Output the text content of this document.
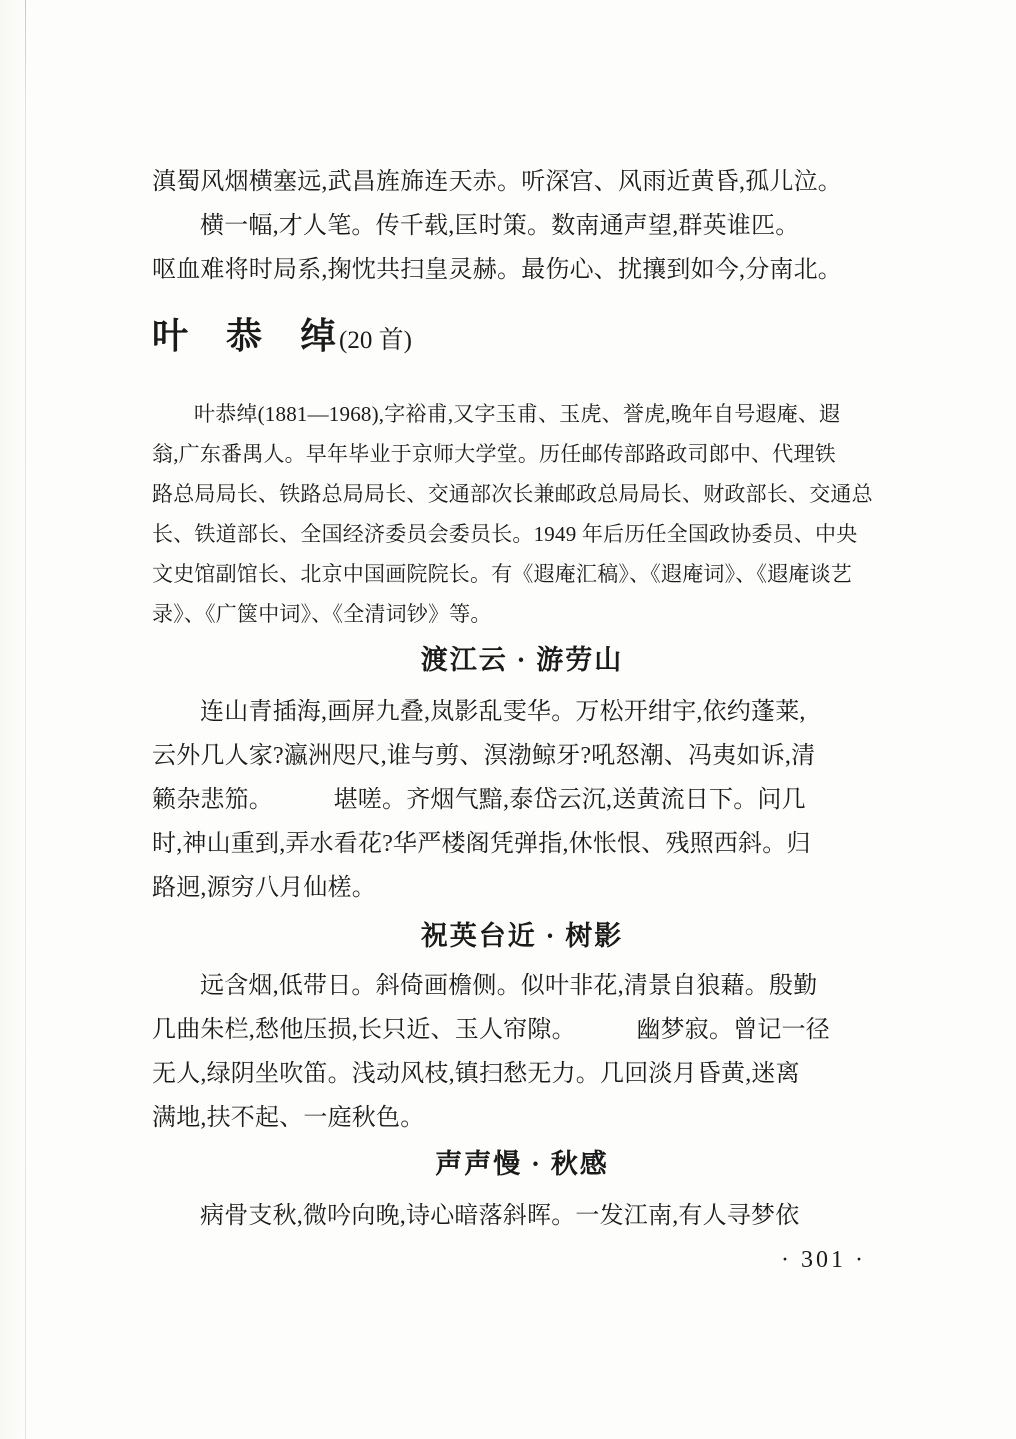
滇蜀风烟横塞远,武昌旌旆连天赤。听深宫、风雨近黄昏,孤儿泣。
横一幅,才人笔。传千载,匡时策。数南通声望,群英谁匹。
呕血难将时局系,掬忱共扫皇灵赫。最伤心、扰攘到如今,分南北。
叶　恭　绰(20 首)
叶恭绰(1881—1968),字裕甫,又字玉甫、玉虎、誉虎,晚年自号遐庵、遐
翁,广东番禺人。早年毕业于京师大学堂。历任邮传部路政司郎中、代理铁
路总局局长、铁路总局局长、交通部次长兼邮政总局局长、财政部长、交通总
长、铁道部长、全国经济委员会委员长。1949 年后历任全国政协委员、中央
文史馆副馆长、北京中国画院院长。有《遐庵汇稿》、《遐庵词》、《遐庵谈艺
录》、《广箧中词》、《全清词钞》等。
渡江云 · 游劳山
连山青插海,画屏九叠,岚影乱雯华。万松开绀宇,依约蓬莱,
云外几人家?瀛洲咫尺,谁与剪、溟渤鲸牙?吼怒潮、冯夷如诉,清
籁杂悲笳。　　　堪嗟。齐烟气黯,泰岱云沉,送黄流日下。问几
时,神山重到,弄水看花?华严楼阁凭弹指,休怅恨、残照西斜。归
路迥,源穷八月仙槎。
祝英台近 · 树影
远含烟,低带日。斜倚画檐侧。似叶非花,清景自狼藉。殷勤
几曲朱栏,愁他压损,长只近、玉人帘隙。　　　幽梦寂。曾记一径
无人,绿阴坐吹笛。浅动风枝,镇扫愁无力。几回淡月昏黄,迷离
满地,扶不起、一庭秋色。
声声慢 · 秋感
病骨支秋,微吟向晚,诗心暗落斜晖。一发江南,有人寻梦依
· 301 ·
